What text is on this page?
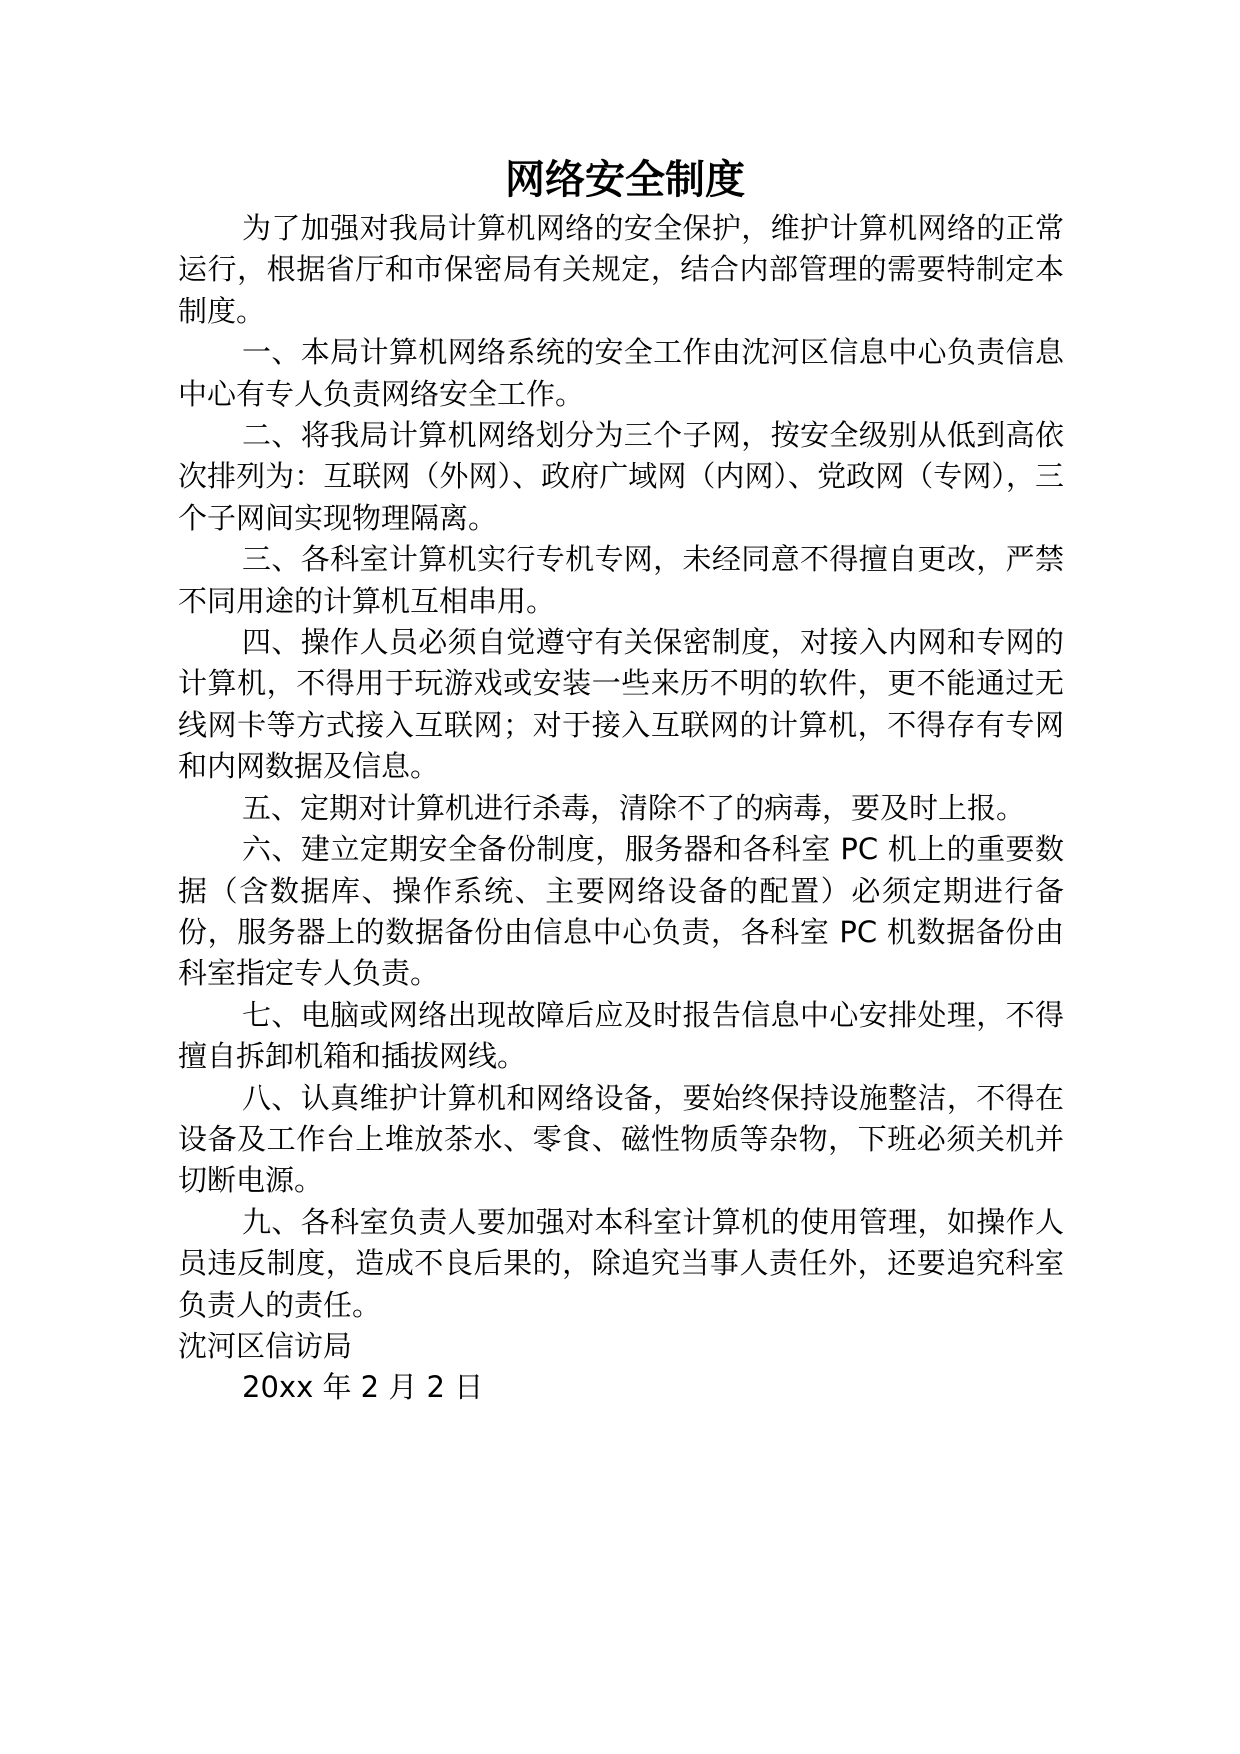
网络安全制度

为了加强对我局计算机网络的安全保护，维护计算机网络的正常运行，根据省厅和市保密局有关规定，结合内部管理的需要特制定本制度。

一、本局计算机网络系统的安全工作由沈河区信息中心负责信息中心有专人负责网络安全工作。

二、将我局计算机网络划分为三个子网，按安全级别从低到高依次排列为：互联网（外网）、政府广域网（内网）、党政网（专网），三个子网间实现物理隔离。

三、各科室计算机实行专机专网，未经同意不得擅自更改，严禁不同用途的计算机互相串用。

四、操作人员必须自觉遵守有关保密制度，对接入内网和专网的计算机，不得用于玩游戏或安装一些来历不明的软件，更不能通过无线网卡等方式接入互联网；对于接入互联网的计算机，不得存有专网和内网数据及信息。

五、定期对计算机进行杀毒，清除不了的病毒，要及时上报。

六、建立定期安全备份制度，服务器和各科室 PC 机上的重要数据（含数据库、操作系统、主要网络设备的配置）必须定期进行备份，服务器上的数据备份由信息中心负责，各科室 PC 机数据备份由科室指定专人负责。

七、电脑或网络出现故障后应及时报告信息中心安排处理，不得擅自拆卸机箱和插拔网线。

八、认真维护计算机和网络设备，要始终保持设施整洁，不得在设备及工作台上堆放茶水、零食、磁性物质等杂物，下班必须关机并切断电源。

九、各科室负责人要加强对本科室计算机的使用管理，如操作人员违反制度，造成不良后果的，除追究当事人责任外，还要追究科室负责人的责任。

沈河区信访局

20xx 年 2 月 2 日
